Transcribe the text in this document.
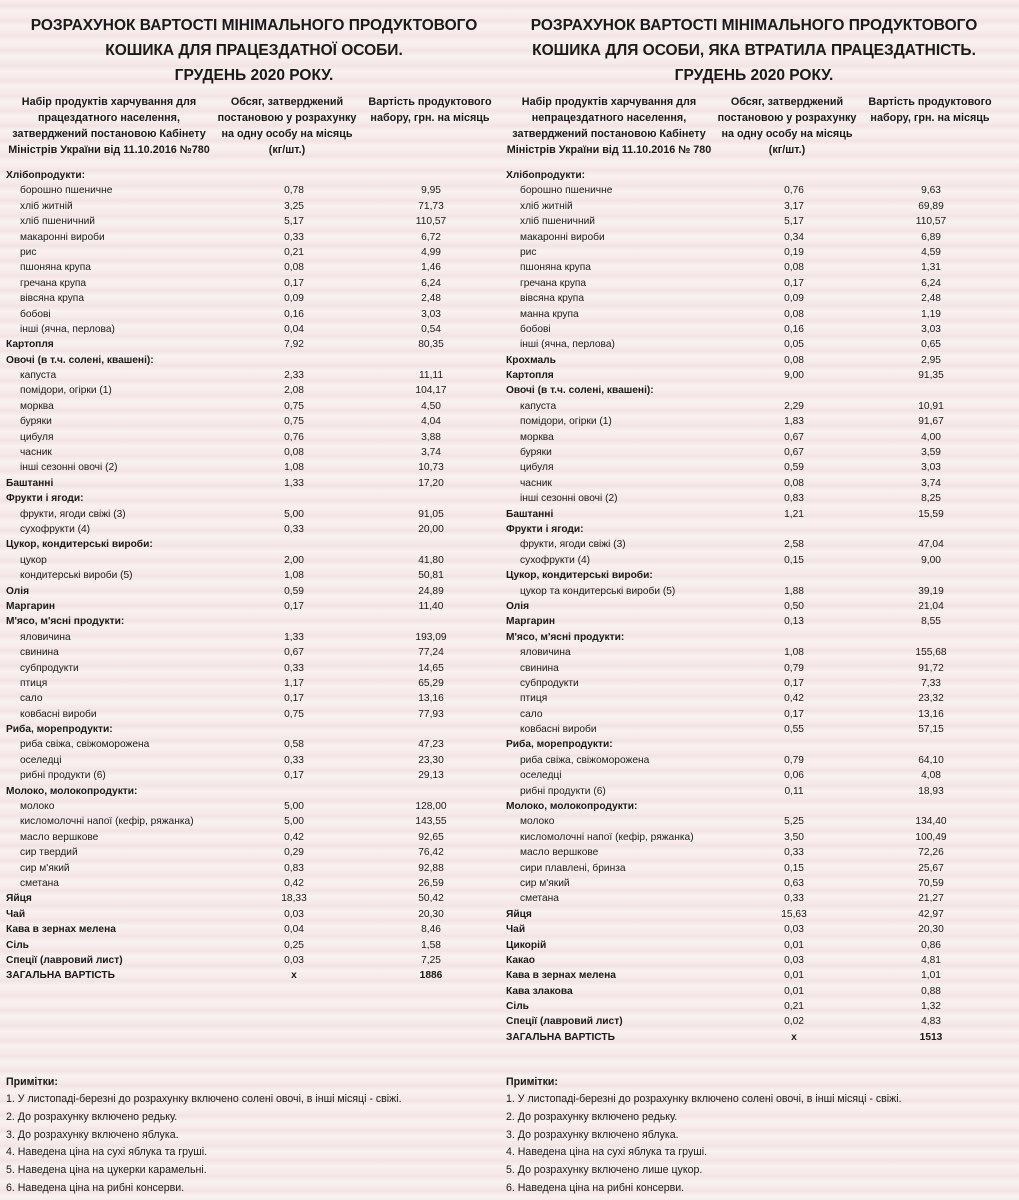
РОЗРАХУНОК ВАРТОСТІ МІНІМАЛЬНОГО ПРОДУКТОВОГО
КОШИКА ДЛЯ ПРАЦЕЗДАТНОЇ ОСОБИ.
ГРУДЕНЬ 2020 РОКУ.
Набір продуктів харчування для працездатного населення, затверджений постановою Кабінету Міністрів України від 11.10.2016 №780
Обсяг, затверджений постановою у розрахунку на одну особу на місяць (кг/шт.)
Вартість продуктового набору, грн. на місяць
Хлібопродукти:
борошно пшеничне	0,78	9,95
хліб житній	3,25	71,73
хліб пшеничний	5,17	110,57
макаронні вироби	0,33	6,72
рис	0,21	4,99
пшоняна крупа	0,08	1,46
гречана крупа	0,17	6,24
вівсяна крупа	0,09	2,48
бобові	0,16	3,03
інші (ячна, перлова)	0,04	0,54
Картопля	7,92	80,35
Овочі (в т.ч. солені, квашені):
капуста	2,33	11,11
помідори, огірки (1)	2,08	104,17
морква	0,75	4,50
буряки	0,75	4,04
цибуля	0,76	3,88
часник	0,08	3,74
інші сезонні овочі (2)	1,08	10,73
Баштанні	1,33	17,20
Фрукти і ягоди:
фрукти, ягоди свіжі (3)	5,00	91,05
сухофрукти (4)	0,33	20,00
Цукор, кондитерські вироби:
цукор	2,00	41,80
кондитерські вироби (5)	1,08	50,81
Олія	0,59	24,89
Маргарин	0,17	11,40
М'ясо, м'ясні продукти:
яловичина	1,33	193,09
свинина	0,67	77,24
субпродукти	0,33	14,65
птиця	1,17	65,29
сало	0,17	13,16
ковбасні вироби	0,75	77,93
Риба, морепродукти:
риба свіжа, свіжоморожена	0,58	47,23
оселедці	0,33	23,30
рибні продукти (6)	0,17	29,13
Молоко, молокопродукти:
молоко	5,00	128,00
кисломолочні напої (кефір, ряжанка)	5,00	143,55
масло вершкове	0,42	92,65
сир твердий	0,29	76,42
сир м'який	0,83	92,88
сметана	0,42	26,59
Яйця	18,33	50,42
Чай	0,03	20,30
Кава в зернах мелена	0,04	8,46
Сіль	0,25	1,58
Спеції (лавровий лист)	0,03	7,25
ЗАГАЛЬНА ВАРТІСТЬ	х	1886
Примітки:
1. У листопаді-березні до розрахунку включено солені овочі, в інші місяці - свіжі.
2. До розрахунку включено редьку.
3. До розрахунку включено яблука.
4. Наведена ціна на сухі яблука та груші.
5. Наведена ціна на цукерки карамельні.
6. Наведена ціна на рибні консерви.
РОЗРАХУНОК ВАРТОСТІ МІНІМАЛЬНОГО ПРОДУКТОВОГО
КОШИКА ДЛЯ ОСОБИ, ЯКА ВТРАТИЛА ПРАЦЕЗДАТНІСТЬ.
ГРУДЕНЬ 2020 РОКУ.
Набір продуктів харчування для непрацездатного населення, затверджений постановою Кабінету Міністрів України від 11.10.2016 № 780
Обсяг, затверджений постановою у розрахунку на одну особу на місяць (кг/шт.)
Вартість продуктового набору, грн. на місяць
Хлібопродукти:
борошно пшеничне	0,76	9,63
хліб житній	3,17	69,89
хліб пшеничний	5,17	110,57
макаронні вироби	0,34	6,89
рис	0,19	4,59
пшоняна крупа	0,08	1,31
гречана крупа	0,17	6,24
вівсяна крупа	0,09	2,48
манна крупа	0,08	1,19
бобові	0,16	3,03
інші (ячна, перлова)	0,05	0,65
Крохмаль	0,08	2,95
Картопля	9,00	91,35
Овочі (в т.ч. солені, квашені):
капуста	2,29	10,91
помідори, огірки (1)	1,83	91,67
морква	0,67	4,00
буряки	0,67	3,59
цибуля	0,59	3,03
часник	0,08	3,74
інші сезонні овочі (2)	0,83	8,25
Баштанні	1,21	15,59
Фрукти і ягоди:
фрукти, ягоди свіжі (3)	2,58	47,04
сухофрукти (4)	0,15	9,00
Цукор, кондитерські вироби:
цукор та кондитерські вироби (5)	1,88	39,19
Олія	0,50	21,04
Маргарин	0,13	8,55
М'ясо, м'ясні продукти:
яловичина	1,08	155,68
свинина	0,79	91,72
субпродукти	0,17	7,33
птиця	0,42	23,32
сало	0,17	13,16
ковбасні вироби	0,55	57,15
Риба, морепродукти:
риба свіжа, свіжоморожена	0,79	64,10
оселедці	0,06	4,08
рибні продукти (6)	0,11	18,93
Молоко, молокопродукти:
молоко	5,25	134,40
кисломолочні напої (кефір, ряжанка)	3,50	100,49
масло вершкове	0,33	72,26
сири плавлені, бринза	0,15	25,67
сир м'який	0,63	70,59
сметана	0,33	21,27
Яйця	15,63	42,97
Чай	0,03	20,30
Цикорій	0,01	0,86
Какао	0,03	4,81
Кава в зернах мелена	0,01	1,01
Кава злакова	0,01	0,88
Сіль	0,21	1,32
Спеції (лавровий лист)	0,02	4,83
ЗАГАЛЬНА ВАРТІСТЬ	х	1513
Примітки:
1. У листопаді-березні до розрахунку включено солені овочі, в інші місяці - свіжі.
2. До розрахунку включено редьку.
3. До розрахунку включено яблука.
4. Наведена ціна на сухі яблука та груші.
5. До розрахунку включено лише цукор.
6. Наведена ціна на рибні консерви.
